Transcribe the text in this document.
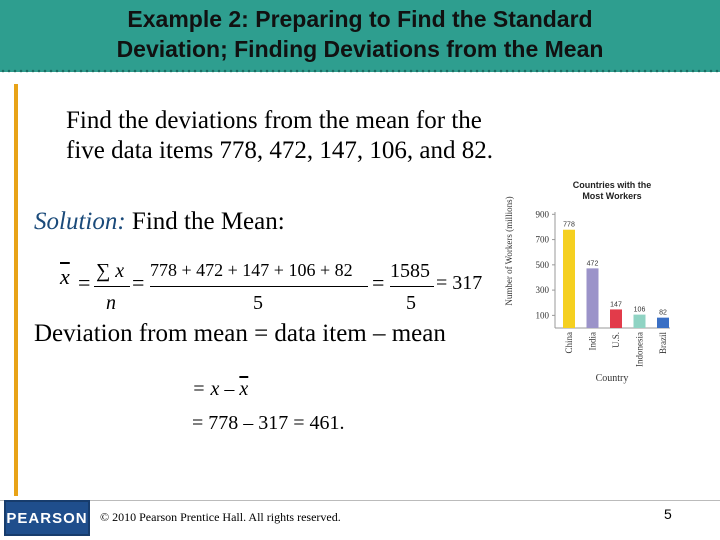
Example 2: Preparing to Find the Standard
Deviation; Finding Deviations from the Mean
Find the deviations from the mean for the
five data items 778, 472, 147, 106, and 82.
Solution: Find the Mean:
$\overline{x}$ = ∑ x
n
= 778 + 472 + 147 + 106 + 82
5
= 1585
5
= 317
Deviation from mean = data item – mean
= x – $\overline{x}$
= 778 – 317 = 461.
Countries with the
Most Workers
Number of Workers (millions)
100
300
500
700
900
778
China
472
India
147
U.S.
106
Indonesia
82
Brazil
Country
PEARSON © 2010 Pearson Prentice Hall. All rights reserved.	5
